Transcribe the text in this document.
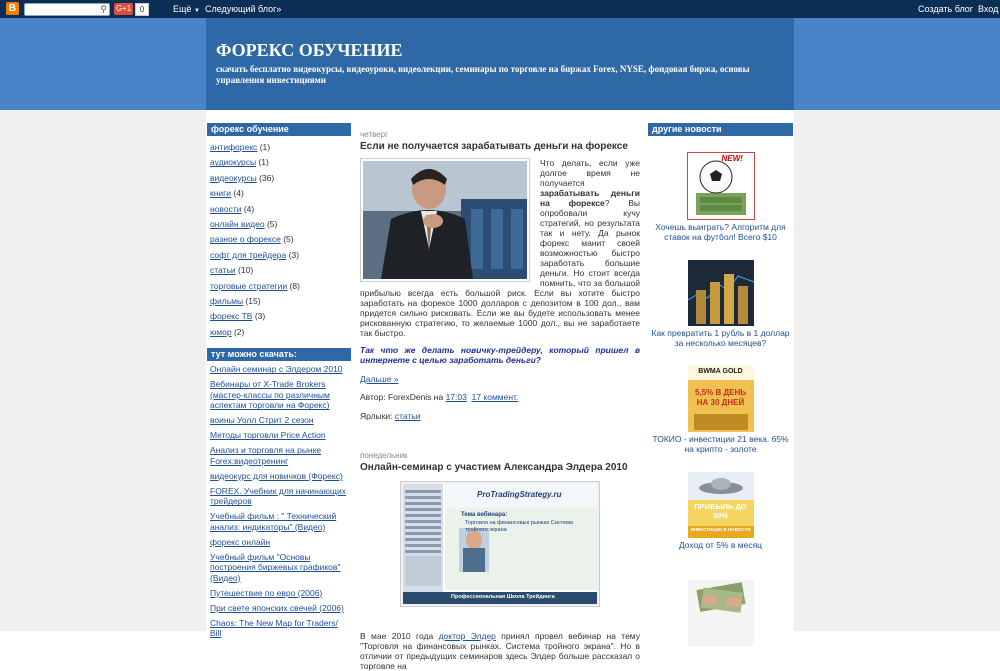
B	⚲ G+1	0	Ещё ▼ Следующий блог»	Создать блог Вход
ФОРЕКС ОБУЧЕНИЕ
скачать бесплатно видеокурсы, видеоуроки, видеолекции, семинары по торговле на биржах Forex, NYSE, фондовая биржа, основы управления инвестициями
форекс обучение
антифорекс (1)
аудиокурсы (1)
видеокурсы (36)
книги (4)
новости (4)
онлайн видео (5)
разное о форексе (5)
софт для трейдера (3)
статьи (10)
торговые стратегии (8)
фильмы (15)
форекс ТВ (3)
юмор (2)
тут можно скачать:
Онлайн семинар с Элдером 2010
Вебинары от X-Trade Brokers (мастер-классы по различным аспектам торговли на Форекс)
воины Уолл Стрит 2 сезон
Методы торговли Price Action
Анализ и торговля на рынке Forex:видеотренинг
видеокурс для новичков (Форекс)
FOREX. Учебник для начинающих трейдеров
Учебный фильм : " Технический анализ: индикаторы" (Видео)
форекс онлайн
Учебный фильм "Основы построения биржевых графиков" (Видео)
Путешествие по евро (2006)
При свете японских свечей (2006)
Chaos: The New Map for Traders/ Bill
четверг
Если не получается зарабатывать деньги на форексе
Что делать, если уже долгое время не получается зарабатывать деньги на форексе? Вы опробовали кучу стратегий, но результата так и нету. Да рынок форекс манит своей возможностью быстро заработать большие деньги. Но стоит всегда помнить, что за большой прибылью всегда есть большой риск. Если вы хотите быстро заработать на форексе 1000 долларов с депозитом в 100 дол., вам придется сильно рисковать. Если же вы будете использовать менее рискованную стратегию, то желаемые 1000 дол., вы не заработаете так быстро.
Так что же делать новичку-трейдеру, который пришел в интернете с целью заработать деньги?
Дальше »
Автор: ForexDenis на 17:03 17 коммент.
Ярлыки: статьи
понедельник
Онлайн-семинар с участием Александра Элдера 2010
ProTradingStrategy.ru
Тема вебинара:
Торговля на финансовых рынках Система тройного экрана
Профессиональная Школа Трейдинга
В мае 2010 года доктор Элдер принял провел вебинар на тему "Торговля на финансовых рынках. Система тройного экрана". Но в отличии от предыдущих семинаров здесь Элдер больше рассказал о торговле на
другие новости
NEW!
Хочешь выиграть? Алгоритм для ставок на футбол! Всего $10
Как превратить 1 рубль в 1 доллар за несколько месяцев?
BWMA GOLD
5,5% В ДЕНЬ НА 30 ДНЕЙ
ТОКИО - инвестиции 21 века. 65% на крипто - золоте
ПРИБЫЛЬ ДО 30%
ИНВЕСТИЦИИ В НОВОСТИ
Доход от 5% в месяц
